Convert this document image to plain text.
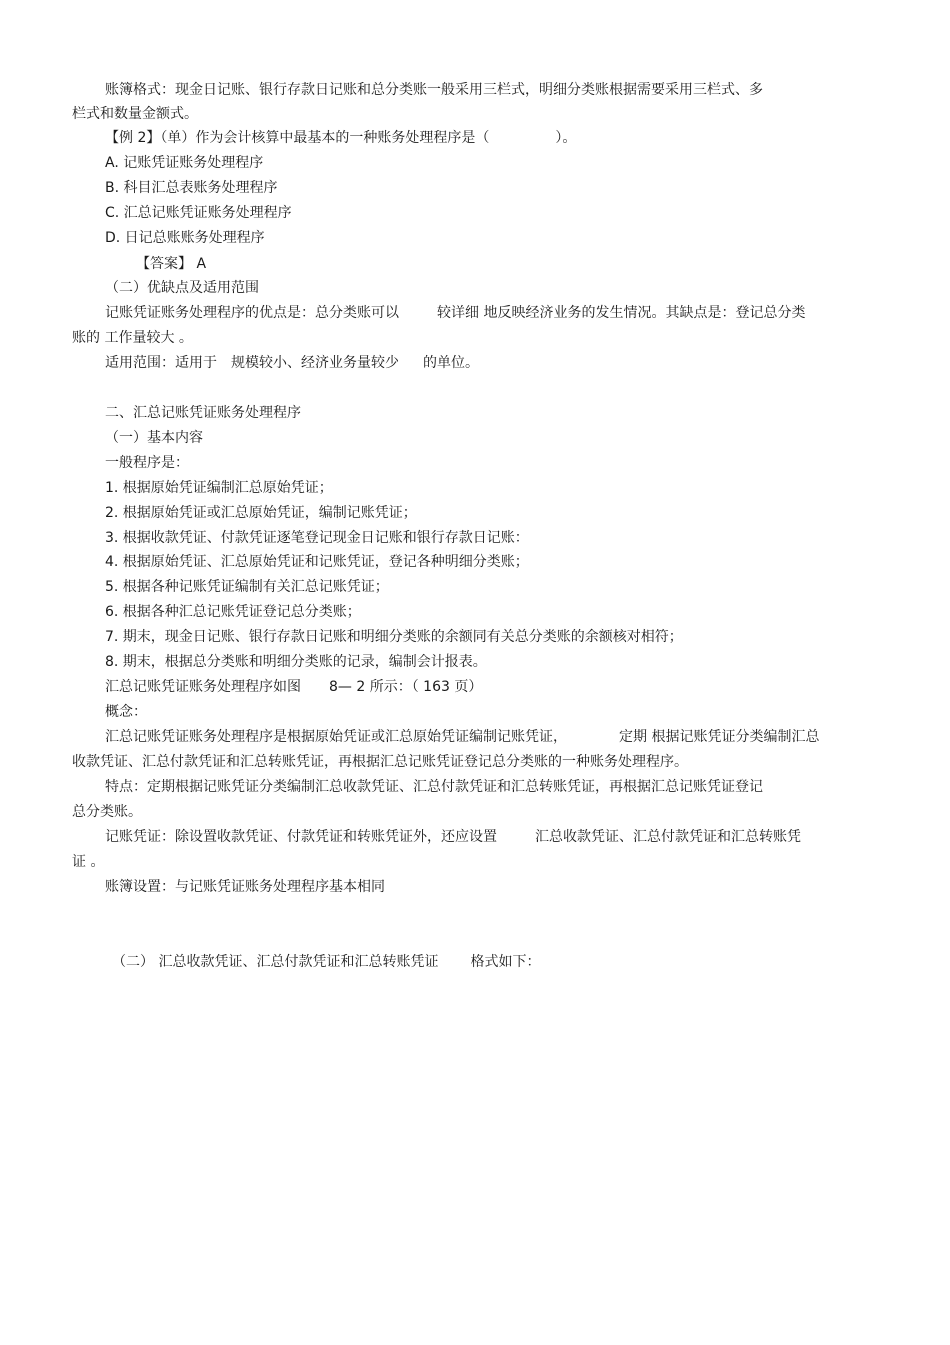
账簿格式：现金日记账、银行存款日记账和总分类账一般采用三栏式，明细分类账根据需要采用三栏式、多
栏式和数量金额式。
【例 2】（单）作为会计核算中最基本的一种账务处理程序是（	）。
A. 记账凭证账务处理程序
B. 科目汇总表账务处理程序
C. 汇总记账凭证账务处理程序
D. 日记总账账务处理程序
【答案】 A
（二）优缺点及适用范围
记账凭证账务处理程序的优点是：总分类账可以	较详细 地反映经济业务的发生情况。其缺点是：登记总分类
账的 工作量较大 。
适用范围：适用于 规模较小、经济业务量较少 的单位。
二、汇总记账凭证账务处理程序
（一）基本内容
一般程序是：
1. 根据原始凭证编制汇总原始凭证；
2. 根据原始凭证或汇总原始凭证，编制记账凭证；
3. 根据收款凭证、付款凭证逐笔登记现金日记账和银行存款日记账：
4. 根据原始凭证、汇总原始凭证和记账凭证，登记各种明细分类账；
5. 根据各种记账凭证编制有关汇总记账凭证；
6. 根据各种汇总记账凭证登记总分类账；
7. 期末，现金日记账、银行存款日记账和明细分类账的余额同有关总分类账的余额核对相符；
8. 期末，根据总分类账和明细分类账的记录，编制会计报表。
汇总记账凭证账务处理程序如图 8— 2 所示：（ 163 页）
概念：
汇总记账凭证账务处理程序是根据原始凭证或汇总原始凭证编制记账凭证，	定期 根据记账凭证分类编制汇总
收款凭证、汇总付款凭证和汇总转账凭证，再根据汇总记账凭证登记总分类账的一种账务处理程序。
特点：定期根据记账凭证分类编制汇总收款凭证、汇总付款凭证和汇总转账凭证，再根据汇总记账凭证登记
总分类账。
记账凭证：除设置收款凭证、付款凭证和转账凭证外，还应设置	汇总收款凭证、汇总付款凭证和汇总转账凭
证 。
账簿设置：与记账凭证账务处理程序基本相同
（二） 汇总收款凭证、汇总付款凭证和汇总转账凭证 格式如下：
